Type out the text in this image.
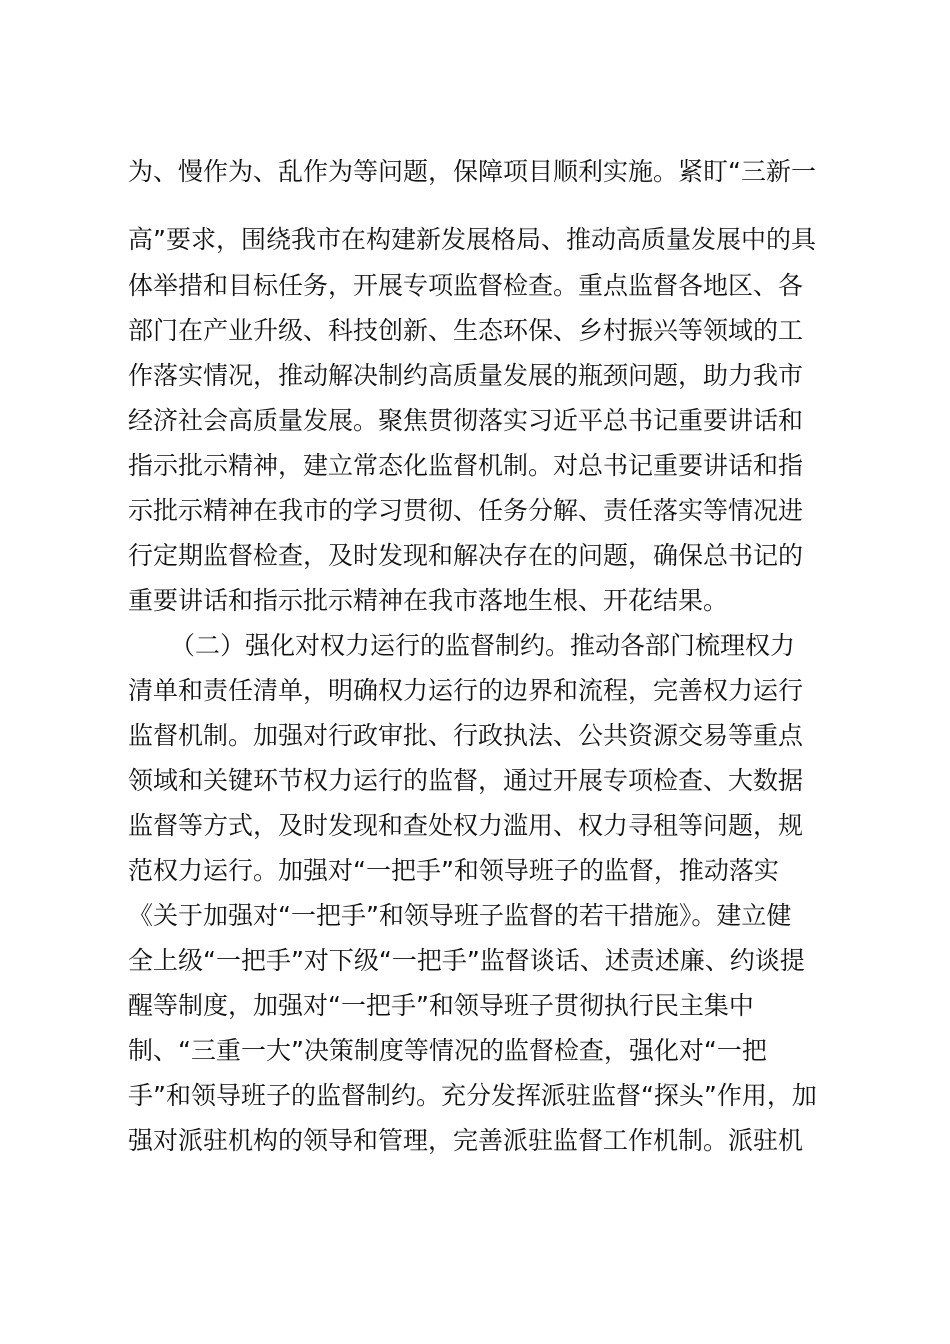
为、慢作为、乱作为等问题，保障项目顺利实施。紧盯“三新一
高”要求，围绕我市在构建新发展格局、推动高质量发展中的具
体举措和目标任务，开展专项监督检查。重点监督各地区、各
部门在产业升级、科技创新、生态环保、乡村振兴等领域的工
作落实情况，推动解决制约高质量发展的瓶颈问题，助力我市
经济社会高质量发展。聚焦贯彻落实习近平总书记重要讲话和
指示批示精神，建立常态化监督机制。对总书记重要讲话和指
示批示精神在我市的学习贯彻、任务分解、责任落实等情况进
行定期监督检查，及时发现和解决存在的问题，确保总书记的
重要讲话和指示批示精神在我市落地生根、开花结果。
（二）强化对权力运行的监督制约。推动各部门梳理权力
清单和责任清单，明确权力运行的边界和流程，完善权力运行
监督机制。加强对行政审批、行政执法、公共资源交易等重点
领域和关键环节权力运行的监督，通过开展专项检查、大数据
监督等方式，及时发现和查处权力滥用、权力寻租等问题，规
范权力运行。加强对“一把手”和领导班子的监督，推动落实
《关于加强对“一把手”和领导班子监督的若干措施》。建立健
全上级“一把手”对下级“一把手”监督谈话、述责述廉、约谈提
醒等制度，加强对“一把手”和领导班子贯彻执行民主集中
制、“三重一大”决策制度等情况的监督检查，强化对“一把
手”和领导班子的监督制约。充分发挥派驻监督“探头”作用，加
强对派驻机构的领导和管理，完善派驻监督工作机制。派驻机
